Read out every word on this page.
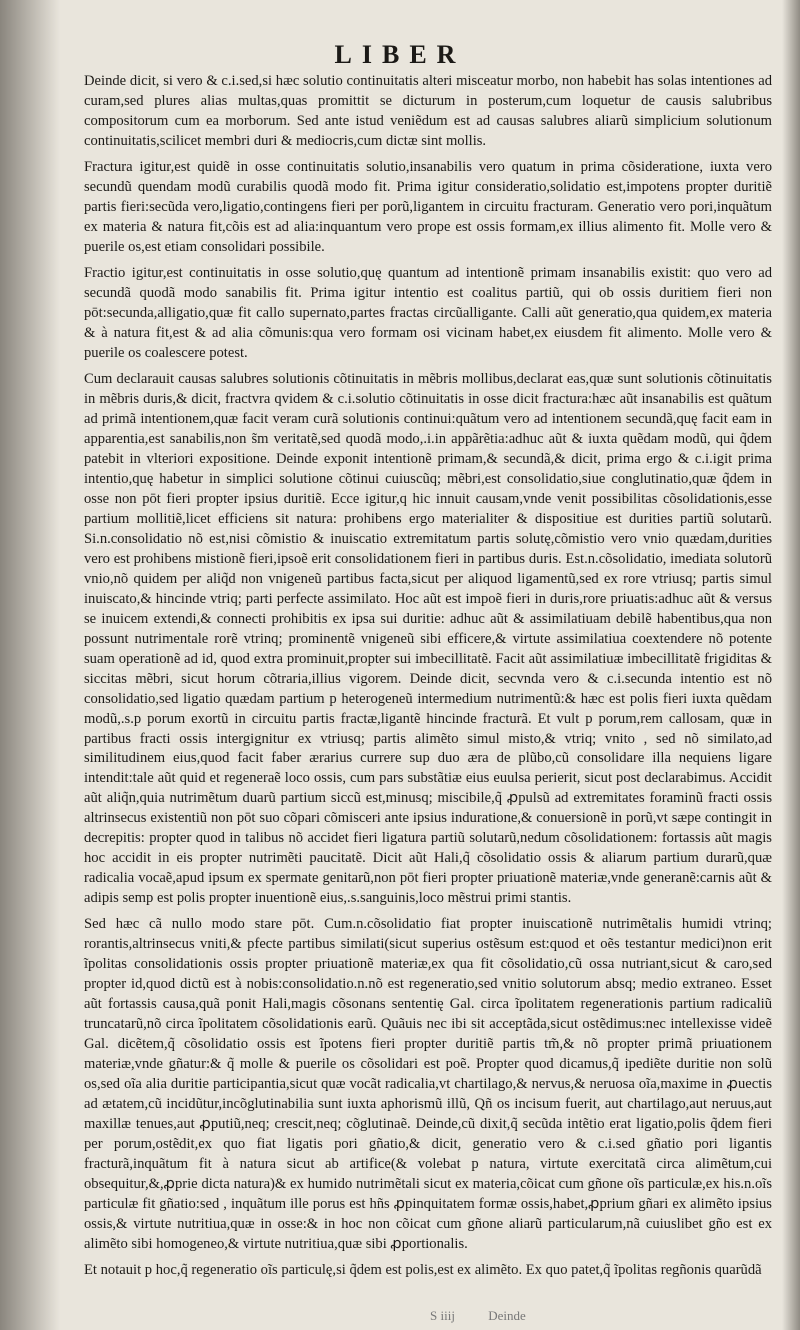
LIBER

Deinde dicit, si vero & c.i.sed,si hæc solutio continuitatis alteri misceatur morbo, non habebit has solas intentiones ad curam,sed plures alias multas,quas promittit se dicturum in posterum,cum loquetur de causis salubribus compositorum cum ea morborum. Sed ante istud veniẽdum est ad causas salubres aliarũ simplicium solutionum continuitatis,scilicet membri duri & mediocris,cum dictæ sint mollis.

Fractura igitur,est quidẽ in osse continuitatis solutio,insanabilis vero quatum in prima cõsideratione, iuxta vero secundũ quendam modũ curabilis quodã modo fit. Prima igitur consideratio,solidatio est,impotens propter duritiẽ partis fieri:secũda vero,ligatio,contingens fieri per porũ,ligantem in circuitu fracturam. Generatio vero pori,inquãtum ex materia & natura fit,cõis est ad alia:inquantum vero prope est ossis formam,ex illius alimento fit. Molle vero & puerile os,est etiam consolidari possibile.

Fractio igitur,est continuitatis in osse solutio,quę quantum ad intentionẽ primam insanabilis existit: quo vero ad secundã quodã modo sanabilis fit. Prima igitur intentio est coalitus partiũ, qui ob ossis duritiem fieri non pōt:secunda,alligatio,quæ fit callo supernato,partes fractas circũalligante. Calli aũt generatio,qua quidem,ex materia & à natura fit,est & ad alia cõmunis:qua vero formam osi vicinam habet,ex eiusdem fit alimento. Molle vero & puerile os coalescere potest.

Cum declarauit causas salubres solutionis cõtinuitatis in mẽbris mollibus,declarat eas,quæ sunt solutionis cõtinuitatis in mẽbris duris,& dicit, fractvra qvidem & c.i.solutio cõtinuitatis in osse dicit fractura:hæc aũt insanabilis est quãtum ad primã intentionem,quæ facit veram curã solutionis continui:quãtum vero ad intentionem secundã,quę facit eam in apparentia,est sanabilis,non s̃m veritatẽ,sed quodã modo,.i.in appãrẽtia:adhuc aũt & iuxta quẽdam modũ, qui q̃dem patebit in vlteriori expositione. Deinde exponit intentionẽ primam,& secundã,& dicit, prima ergo & c.i.igit prima intentio,quę habetur in simplici solutione cõtinui cuiuscũq; mẽbri,est consolidatio,siue conglutinatio,quæ q̃dem in osse non pōt fieri propter ipsius duritiẽ. Ecce igitur,q hic innuit causam,vnde venit possibilitas cõsolidationis,esse partium mollitiẽ,licet efficiens sit natura: prohibens ergo materialiter & dispositiue est durities partiũ solutarũ. Si.n.consolidatio nõ est,nisi cõmistio & inuiscatio extremitatum partis solutę,cõmistio vero vnio quædam,durities vero est prohibens mistionẽ fieri,ipsoẽ erit consolidationem fieri in partibus duris. Est.n.cõsolidatio, imediata solutorũ vnio,nõ quidem per aliq̃d non vnigeneũ partibus facta,sicut per aliquod ligamentũ,sed ex rore vtriusq; partis simul inuiscato,& hincinde vtriq; parti perfecte assimilato. Hoc aũt est impoẽ fieri in duris,rore priuatis:adhuc aũt & versus se inuicem extendi,& connecti prohibitis ex ipsa sui duritie: adhuc aũt & assimilatiuam debilẽ habentibus,qua non possunt nutrimentale rorẽ vtrinq; prominentẽ vnigeneũ sibi efficere,& virtute assimilatiua coextendere nõ potente suam operationẽ ad id, quod extra prominuit,propter sui imbecillitatẽ. Facit aũt assimilatiuæ imbecillitatẽ frigiditas & siccitas mẽbri, sicut horum cõtraria,illius vigorem. Deinde dicit, secvnda vero & c.i.secunda intentio est nõ consolidatio,sed ligatio quædam partium p heterogeneũ intermedium nutrimentũ:& hæc est polis fieri iuxta quẽdam modũ,.s.p porum exortũ in circuitu partis fractæ,ligantẽ hincinde fracturã. Et vult p porum,rem callosam, quæ in partibus fracti ossis intergignitur ex vtriusq; partis alimẽto simul misto,& vtriq; vnito , sed nõ similato,ad similitudinem eius,quod facit faber ærarius currere sup duo æra de plũbo,cũ consolidare illa nequiens ligare intendit:tale aũt quid et regeneraẽ loco ossis, cum pars substãtiæ eius euulsa perierit, sicut post declarabimus. Accidit aũt aliq̃n,quia nutrimẽtum duarũ partium siccũ est,minusq; miscibile,q̃ ꝓpulsũ ad extremitates foraminũ fracti ossis altrinsecus existentiũ non pōt suo cõpari cõmisceri ante ipsius induratione,& conuersionẽ in porũ,vt sæpe contingit in decrepitis: propter quod in talibus nõ accidet fieri ligatura partiũ solutarũ,nedum cõsolidationem: fortassis aũt magis hoc accidit in eis propter nutrimẽti paucitatẽ. Dicit aũt Hali,q̃ cõsolidatio ossis & aliarum partium durarũ,quæ radicalia vocaẽ,apud ipsum ex spermate genitarũ,non pōt fieri propter priuationẽ materiæ,vnde generanẽ:carnis aũt & adipis semp est polis propter inuentionẽ eius,.s.sanguinis,loco mẽstrui primi stantis.

Sed hæc cã nullo modo stare pōt. Cum.n.cõsolidatio fiat propter inuiscationẽ nutrimẽtalis humidi vtrinq; rorantis,altrinsecus vniti,& pfecte partibus similati(sicut superius ostẽsum est:quod et oẽs testantur medici)non erit ĩpolitas consolidationis ossis propter priuationẽ materiæ,ex qua fit cõsolidatio,cũ ossa nutriant,sicut & caro,sed propter id,quod dictũ est à nobis:consolidatio.n.nõ est regeneratio,sed vnitio solutorum absq; medio extraneo. Esset aũt fortassis causa,quã ponit Hali,magis cõsonans sententię Gal. circa ĩpolitatem regenerationis partium radicaliũ truncatarũ,nõ circa ĩpolitatem cõsolidationis earũ. Quãuis nec ibi sit acceptãda,sicut ostẽdimus:nec intellexisse videẽ Gal. dicẽtem,q̃ cõsolidatio ossis est ĩpotens fieri propter duritiẽ partis tm̃,& nõ propter primã priuationem materiæ,vnde gñatur:& q̃ molle & puerile os cõsolidari est poẽ. Propter quod dicamus,q̃ ipediẽte duritie non solũ os,sed oĩa alia duritie participantia,sicut quæ vocãt radicalia,vt chartilago,& nervus,& neruosa oĩa,maxime in ꝓuectis ad ætatem,cũ incidũtur,incõglutinabilia sunt iuxta aphorismũ illũ, Qñ os incisum fuerit, aut chartilago,aut neruus,aut maxillæ tenues,aut ꝓputiũ,neq; crescit,neq; cõglutinaẽ. Deinde,cũ dixit,q̃ secũda intẽtio erat ligatio,polis q̃dem fieri per porum,ostẽdit,ex quo fiat ligatis pori gñatio,& dicit, generatio vero & c.i.sed gñatio pori ligantis fracturã,inquãtum fit à natura sicut ab artifice(& volebat p natura, virtute exercitatã circa alimẽtum,cui obsequitur,&,ꝓprie dicta natura)& ex humido nutrimẽtali sicut ex materia,cõicat cum gñone oĩs particulæ,ex his.n.oĩs particulæ fit gñatio:sed , inquãtum ille porus est hñs ꝓpinquitatem formæ ossis,habet,ꝓprium gñari ex alimẽto ipsius ossis,& virtute nutritiua,quæ in osse:& in hoc non cõicat cum gñone aliarũ particularum,nã cuiuslibet gño est ex alimẽto sibi homogeneo,& virtute nutritiua,quæ sibi ꝓportionalis.

Et notauit p hoc,q̃ regeneratio oĩs particulę,si q̃dem est polis,est ex alimẽto. Ex quo patet,q̃ ĩpolitas regñonis quarũdã

S iiij	Deinde
